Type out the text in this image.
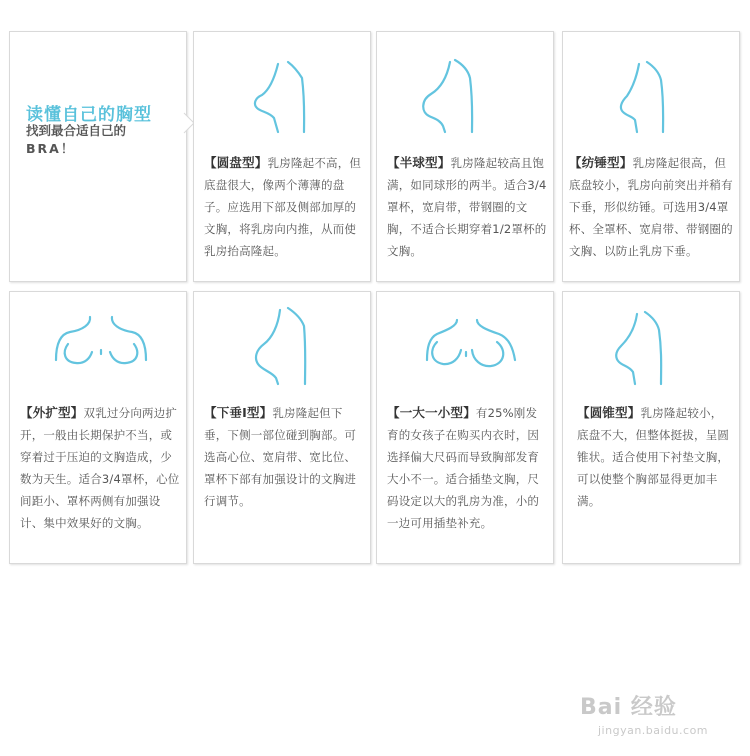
读懂自己的胸型
找到最合适自己的
BRA！
【圆盘型】乳房隆起不高，但底盘很大，像两个薄薄的盘子。应选用下部及侧部加厚的文胸，将乳房向内推，从而使乳房抬高隆起。
【半球型】乳房隆起较高且饱满，如同球形的两半。适合3/4罩杯，宽肩带，带钢圈的文胸，不适合长期穿着1/2罩杯的文胸。
【纺锤型】乳房隆起很高，但底盘较小，乳房向前突出并稍有下垂，形似纺锤。可选用3/4罩杯、全罩杯、宽肩带、带钢圈的文胸、以防止乳房下垂。
【外扩型】双乳过分向两边扩开，一般由长期保护不当，或穿着过于压迫的文胸造成，少数为天生。适合3/4罩杯，心位间距小、罩杯两侧有加强设计、集中效果好的文胸。
【下垂I型】乳房隆起但下垂，下侧一部位碰到胸部。可选高心位、宽肩带、宽比位、罩杯下部有加强设计的文胸进行调节。
【一大一小型】有25%刚发育的女孩子在购买内衣时，因选择偏大尺码而导致胸部发育大小不一。适合插垫文胸，尺码设定以大的乳房为准，小的一边可用插垫补充。
【圆锥型】乳房隆起较小，底盘不大，但整体挺拔，呈圆锥状。适合使用下衬垫文胸，可以使整个胸部显得更加丰满。
Bai 经验
jingyan.baidu.com
